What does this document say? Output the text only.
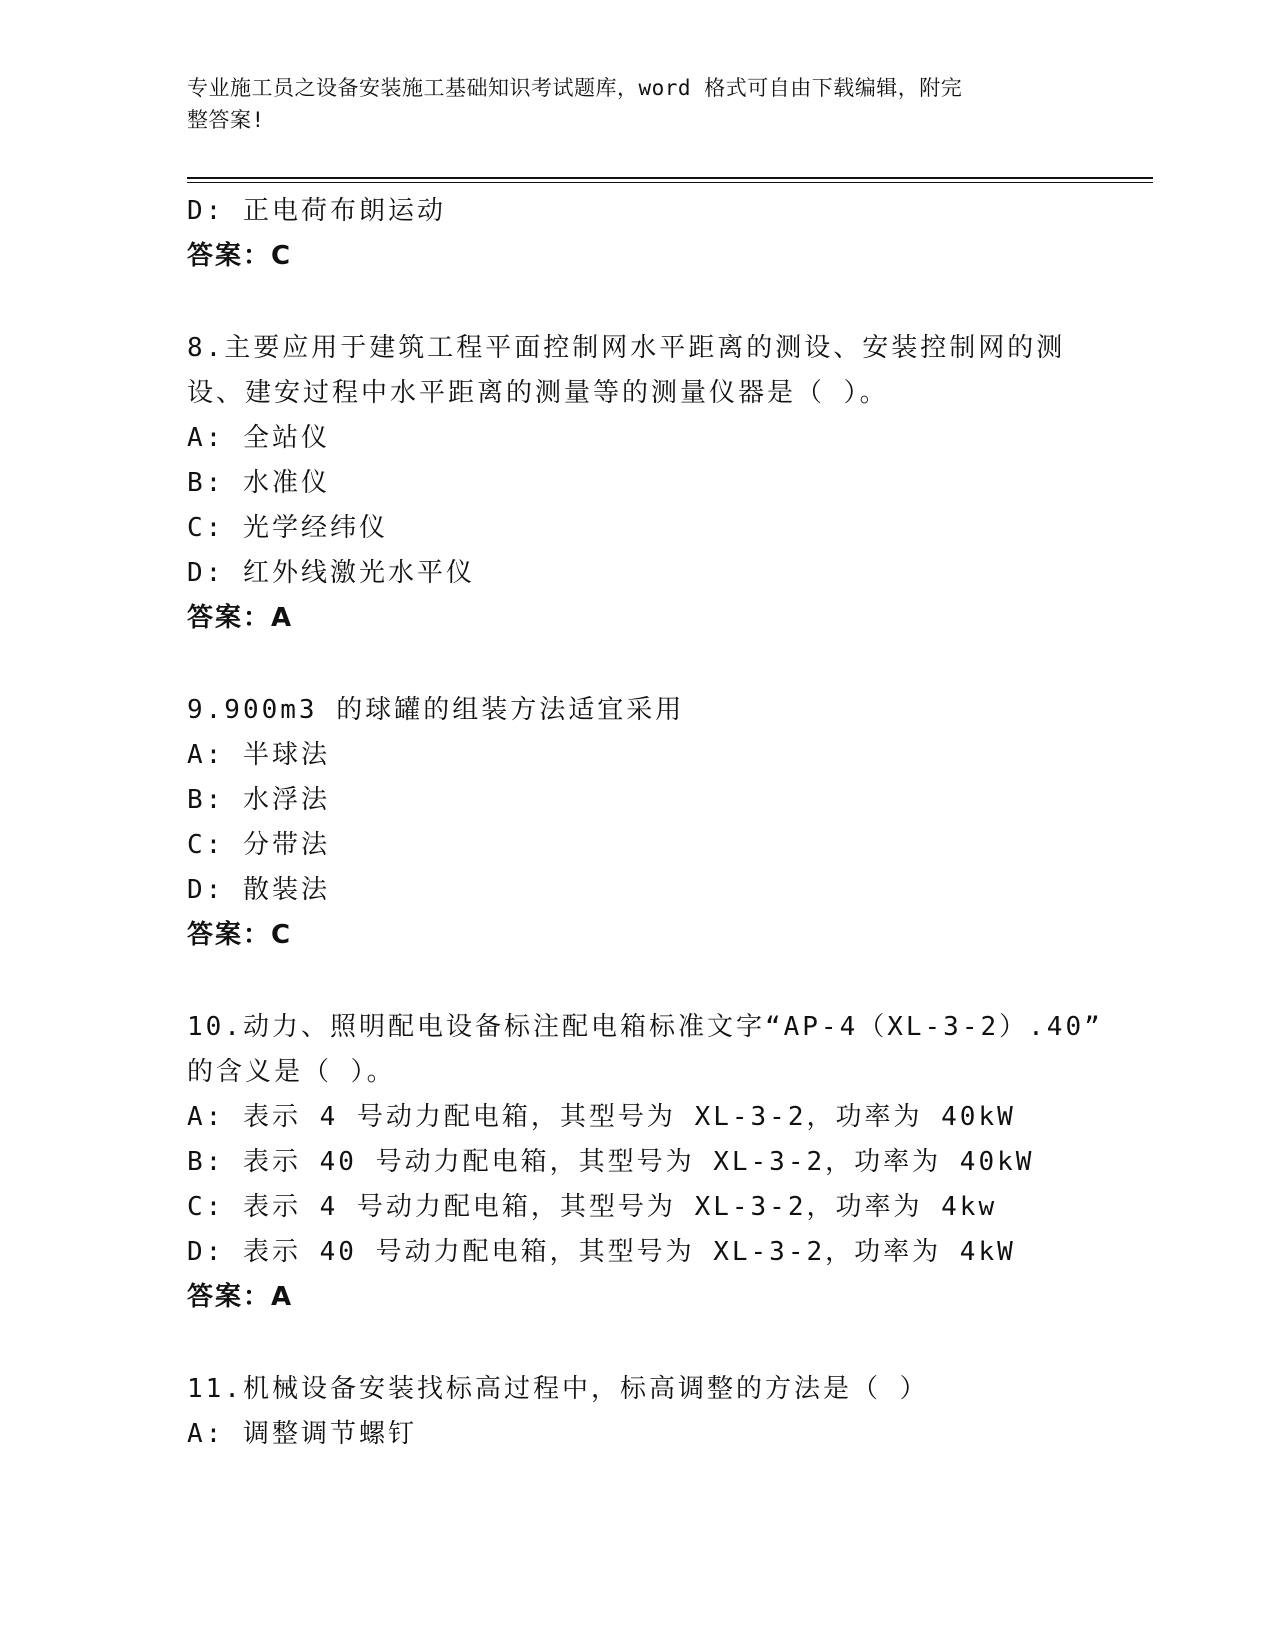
专业施工员之设备安装施工基础知识考试题库，word 格式可自由下载编辑，附完
整答案!
D: 正电荷布朗运动
答案：C
8.主要应用于建筑工程平面控制网水平距离的测设、安装控制网的测
设、建安过程中水平距离的测量等的测量仪器是（ ）。
A: 全站仪
B: 水准仪
C: 光学经纬仪
D: 红外线激光水平仪
答案：A
9.900m3 的球罐的组装方法适宜采用
A: 半球法
B: 水浮法
C: 分带法
D: 散装法
答案：C
10.动力、照明配电设备标注配电箱标准文字“AP-4（XL-3-2）.40”
的含义是（ ）。
A: 表示 4 号动力配电箱，其型号为 XL-3-2，功率为 40kW
B: 表示 40 号动力配电箱，其型号为 XL-3-2，功率为 40kW
C: 表示 4 号动力配电箱，其型号为 XL-3-2，功率为 4kw
D: 表示 40 号动力配电箱，其型号为 XL-3-2，功率为 4kW
答案：A
11.机械设备安装找标高过程中，标高调整的方法是（ ）
A: 调整调节螺钉
